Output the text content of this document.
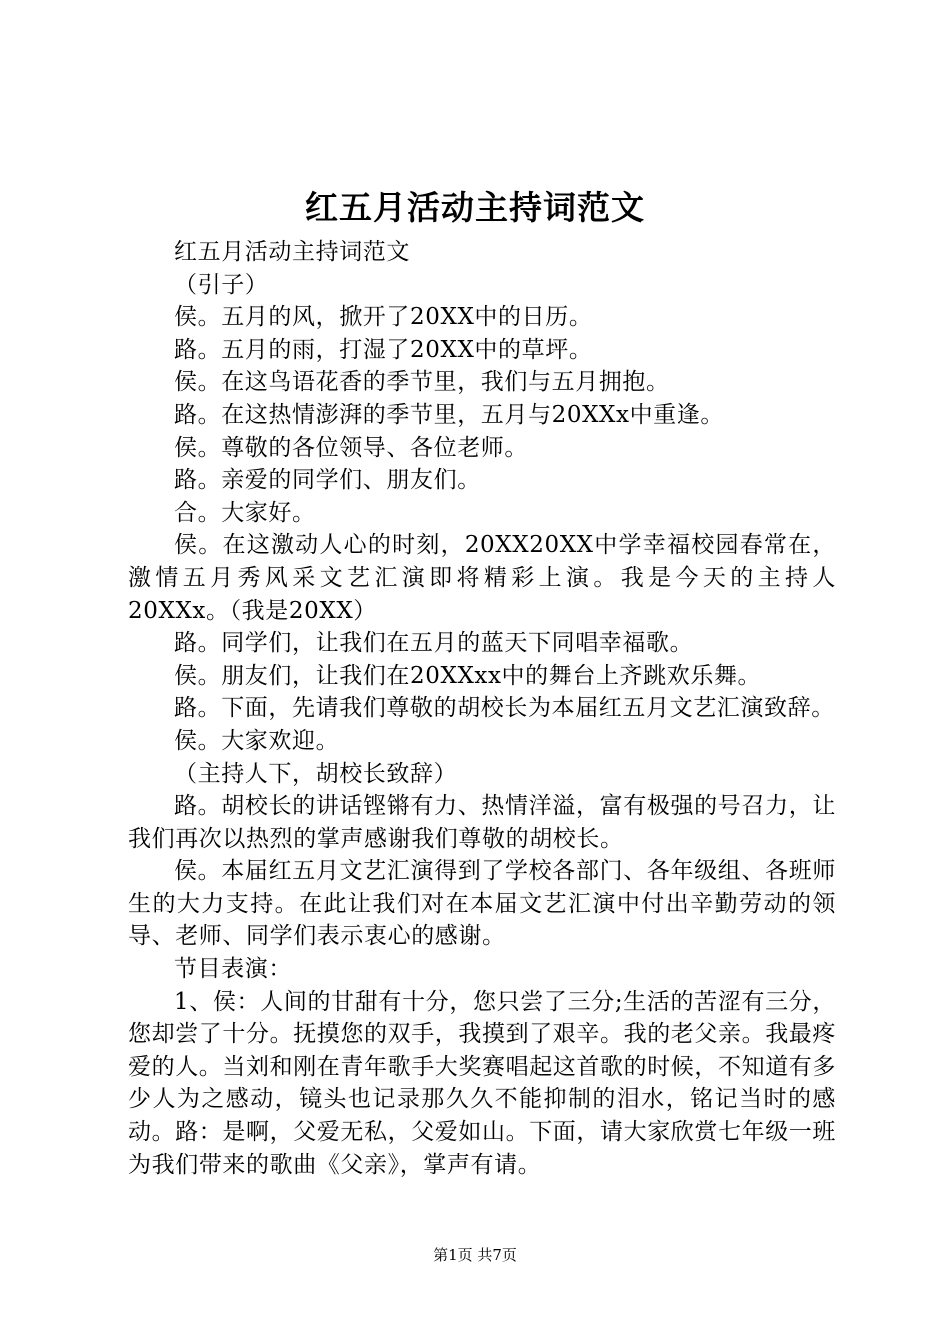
红五月活动主持词范文

红五月活动主持词范文

（引子）

侯。五月的风，掀开了20XX中的日历。

路。五月的雨，打湿了20XX中的草坪。

侯。在这鸟语花香的季节里，我们与五月拥抱。

路。在这热情澎湃的季节里，五月与20XXx中重逢。

侯。尊敬的各位领导、各位老师。

路。亲爱的同学们、朋友们。

合。大家好。

侯。在这激动人心的时刻，20XX20XX中学幸福校园春常在，激情五月秀风采文艺汇演即将精彩上演。我是今天的主持人20XXx。（我是20XX）

路。同学们，让我们在五月的蓝天下同唱幸福歌。

侯。朋友们，让我们在20XXxx中的舞台上齐跳欢乐舞。

路。下面，先请我们尊敬的胡校长为本届红五月文艺汇演致辞。

侯。大家欢迎。

（主持人下，胡校长致辞）

路。胡校长的讲话铿锵有力、热情洋溢，富有极强的号召力，让我们再次以热烈的掌声感谢我们尊敬的胡校长。

侯。本届红五月文艺汇演得到了学校各部门、各年级组、各班师生的大力支持。在此让我们对在本届文艺汇演中付出辛勤劳动的领导、老师、同学们表示衷心的感谢。

节目表演：

1、侯：人间的甘甜有十分，您只尝了三分;生活的苦涩有三分，您却尝了十分。抚摸您的双手，我摸到了艰辛。我的老父亲。我最疼爱的人。当刘和刚在青年歌手大奖赛唱起这首歌的时候，不知道有多少人为之感动，镜头也记录那久久不能抑制的泪水，铭记当时的感动。路：是啊，父爱无私，父爱如山。下面，请大家欣赏七年级一班为我们带来的歌曲《父亲》，掌声有请。

第1页 共7页
